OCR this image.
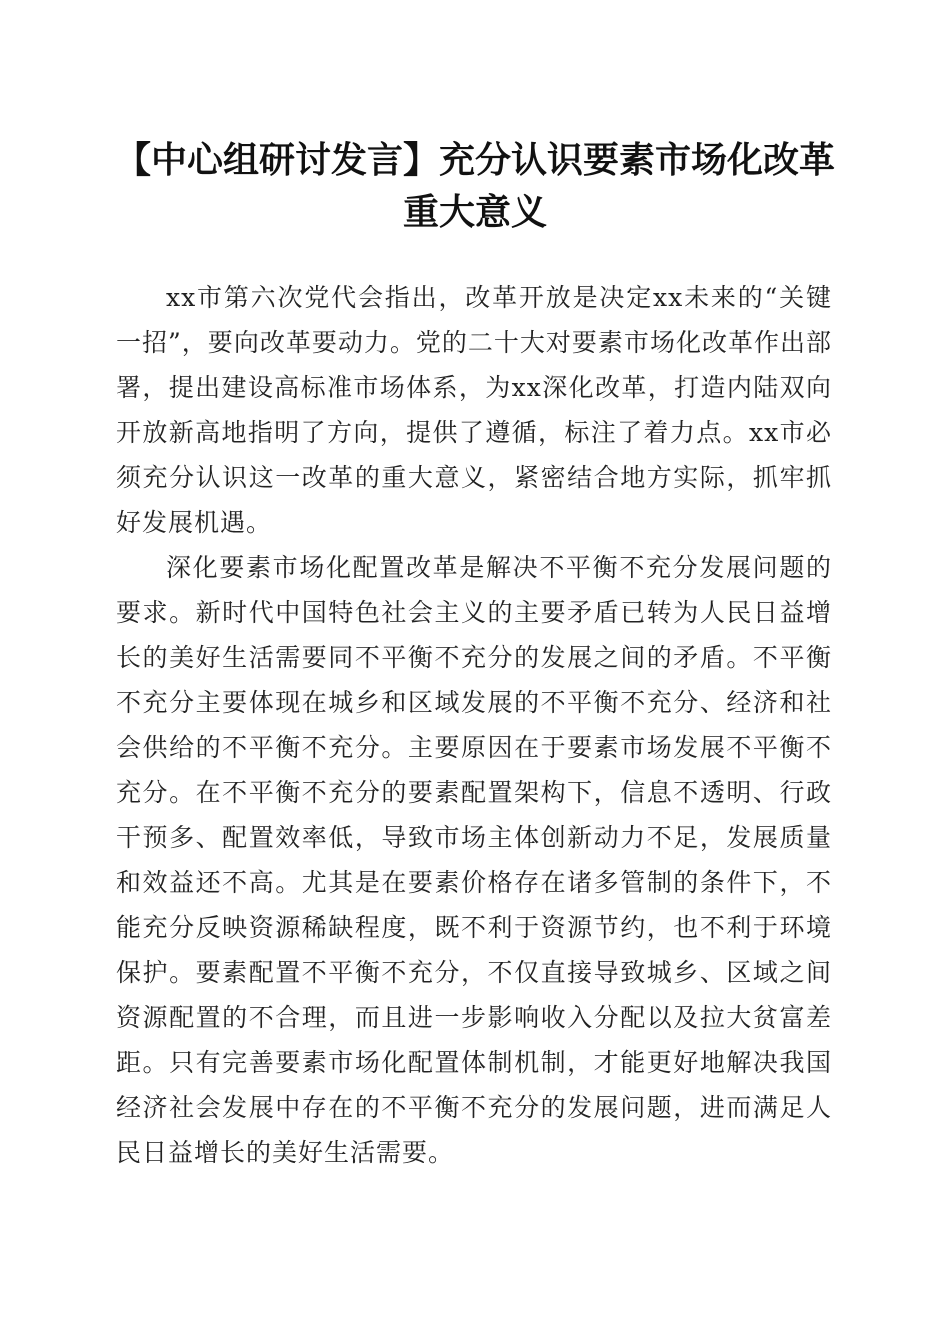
【中心组研讨发言】充分认识要素市场化改革重大意义

xx市第六次党代会指出，改革开放是决定xx未来的“关键一招”，要向改革要动力。党的二十大对要素市场化改革作出部署，提出建设高标准市场体系，为xx深化改革，打造内陆双向开放新高地指明了方向，提供了遵循，标注了着力点。xx市必须充分认识这一改革的重大意义，紧密结合地方实际，抓牢抓好发展机遇。

深化要素市场化配置改革是解决不平衡不充分发展问题的要求。新时代中国特色社会主义的主要矛盾已转为人民日益增长的美好生活需要同不平衡不充分的发展之间的矛盾。不平衡不充分主要体现在城乡和区域发展的不平衡不充分、经济和社会供给的不平衡不充分。主要原因在于要素市场发展不平衡不充分。在不平衡不充分的要素配置架构下，信息不透明、行政干预多、配置效率低，导致市场主体创新动力不足，发展质量和效益还不高。尤其是在要素价格存在诸多管制的条件下，不能充分反映资源稀缺程度，既不利于资源节约，也不利于环境保护。要素配置不平衡不充分，不仅直接导致城乡、区域之间资源配置的不合理，而且进一步影响收入分配以及拉大贫富差距。只有完善要素市场化配置体制机制，才能更好地解决我国经济社会发展中存在的不平衡不充分的发展问题，进而满足人民日益增长的美好生活需要。
